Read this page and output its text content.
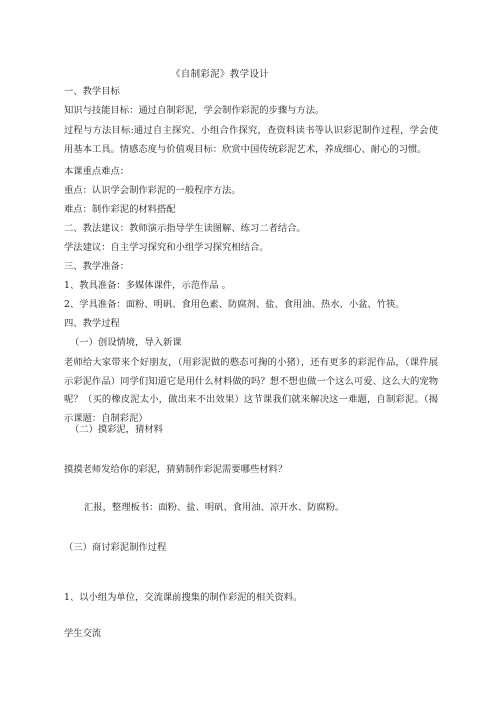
《自制彩泥》教学设计
一、教学目标
知识与技能目标：通过自制彩泥，学会制作彩泥的步骤与方法。
过程与方法目标:通过自主探究、小组合作探究，查资料读书等认识彩泥制作过程，学会使用基本工具。情感态度与价值观目标：欣赏中国传统彩泥艺术，养成细心、耐心的习惯。
本课重点难点：
重点：认识学会制作彩泥的一般程序方法。
难点：制作彩泥的材料搭配
二、教法建议：教师演示指导学生读图解、练习二者结合。
学法建议：自主学习探究和小组学习探究相结合。
三、教学准备：
1、教具准备：多媒体课件，示范作品 。
2、学具准备：面粉、明矾、食用色素、防腐剂、盐、食用油、热水、小盆、竹筷。
四、教学过程
（一）创设情境，导入新课
老师给大家带来个好朋友，（用彩泥做的憨态可掬的小猪），还有更多的彩泥作品，（课件展示彩泥作品）同学们知道它是用什么材料做的吗？想不想也做一个这么可爱、这么大的宠物呢？（买的橡皮泥太小，做出来不出效果）这节课我们就来解决这一难题，自制彩泥。（揭示课题：自制彩泥）
（二）摸彩泥，猜材料
摸摸老师发给你的彩泥，猜猜制作彩泥需要哪些材料？
汇报，整理板书：面粉、盐、明矾、食用油、凉开水、防腐粉。
（三）商讨彩泥制作过程
1、以小组为单位，交流课前搜集的制作彩泥的相关资料。
学生交流
